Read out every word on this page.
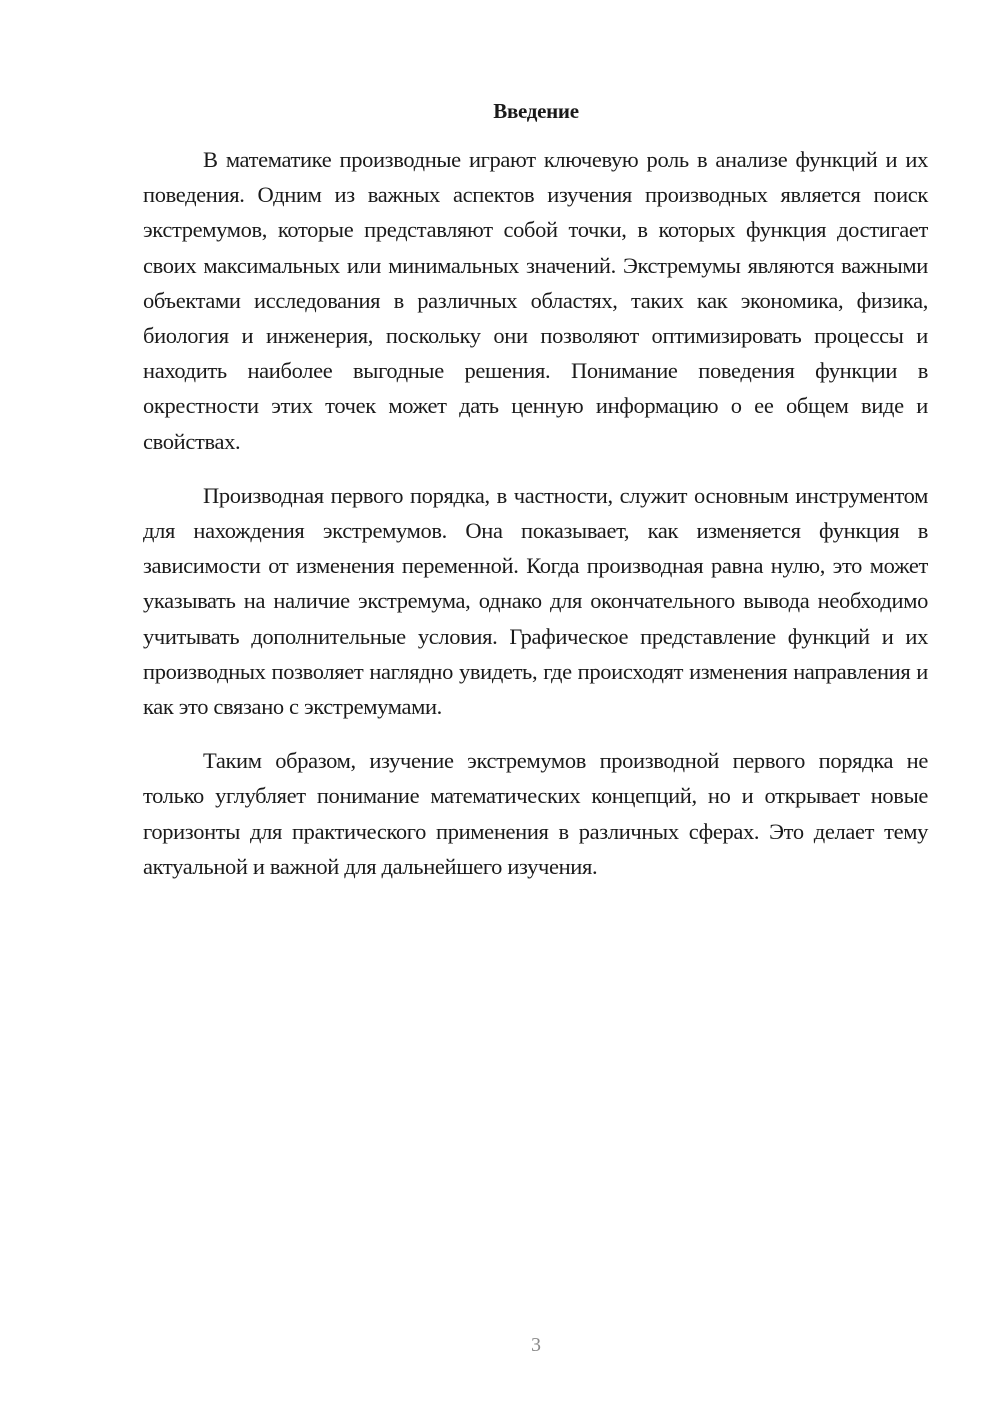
Введение

В математике производные играют ключевую роль в анализе функций и их поведения. Одним из важных аспектов изучения производных является поиск экстремумов, которые представляют собой точки, в которых функция достигает своих максимальных или минимальных значений. Экстремумы являются важными объектами исследования в различных областях, таких как экономика, физика, биология и инженерия, поскольку они позволяют оптимизировать процессы и находить наиболее выгодные решения. Понимание поведения функции в окрестности этих точек может дать ценную информацию о ее общем виде и свойствах.

Производная первого порядка, в частности, служит основным инструментом для нахождения экстремумов. Она показывает, как изменяется функция в зависимости от изменения переменной. Когда производная равна нулю, это может указывать на наличие экстремума, однако для окончательного вывода необходимо учитывать дополнительные условия. Графическое представление функций и их производных позволяет наглядно увидеть, где происходят изменения направления и как это связано с экстремумами.

Таким образом, изучение экстремумов производной первого порядка не только углубляет понимание математических концепций, но и открывает новые горизонты для практического применения в различных сферах. Это делает тему актуальной и важной для дальнейшего изучения.

3
